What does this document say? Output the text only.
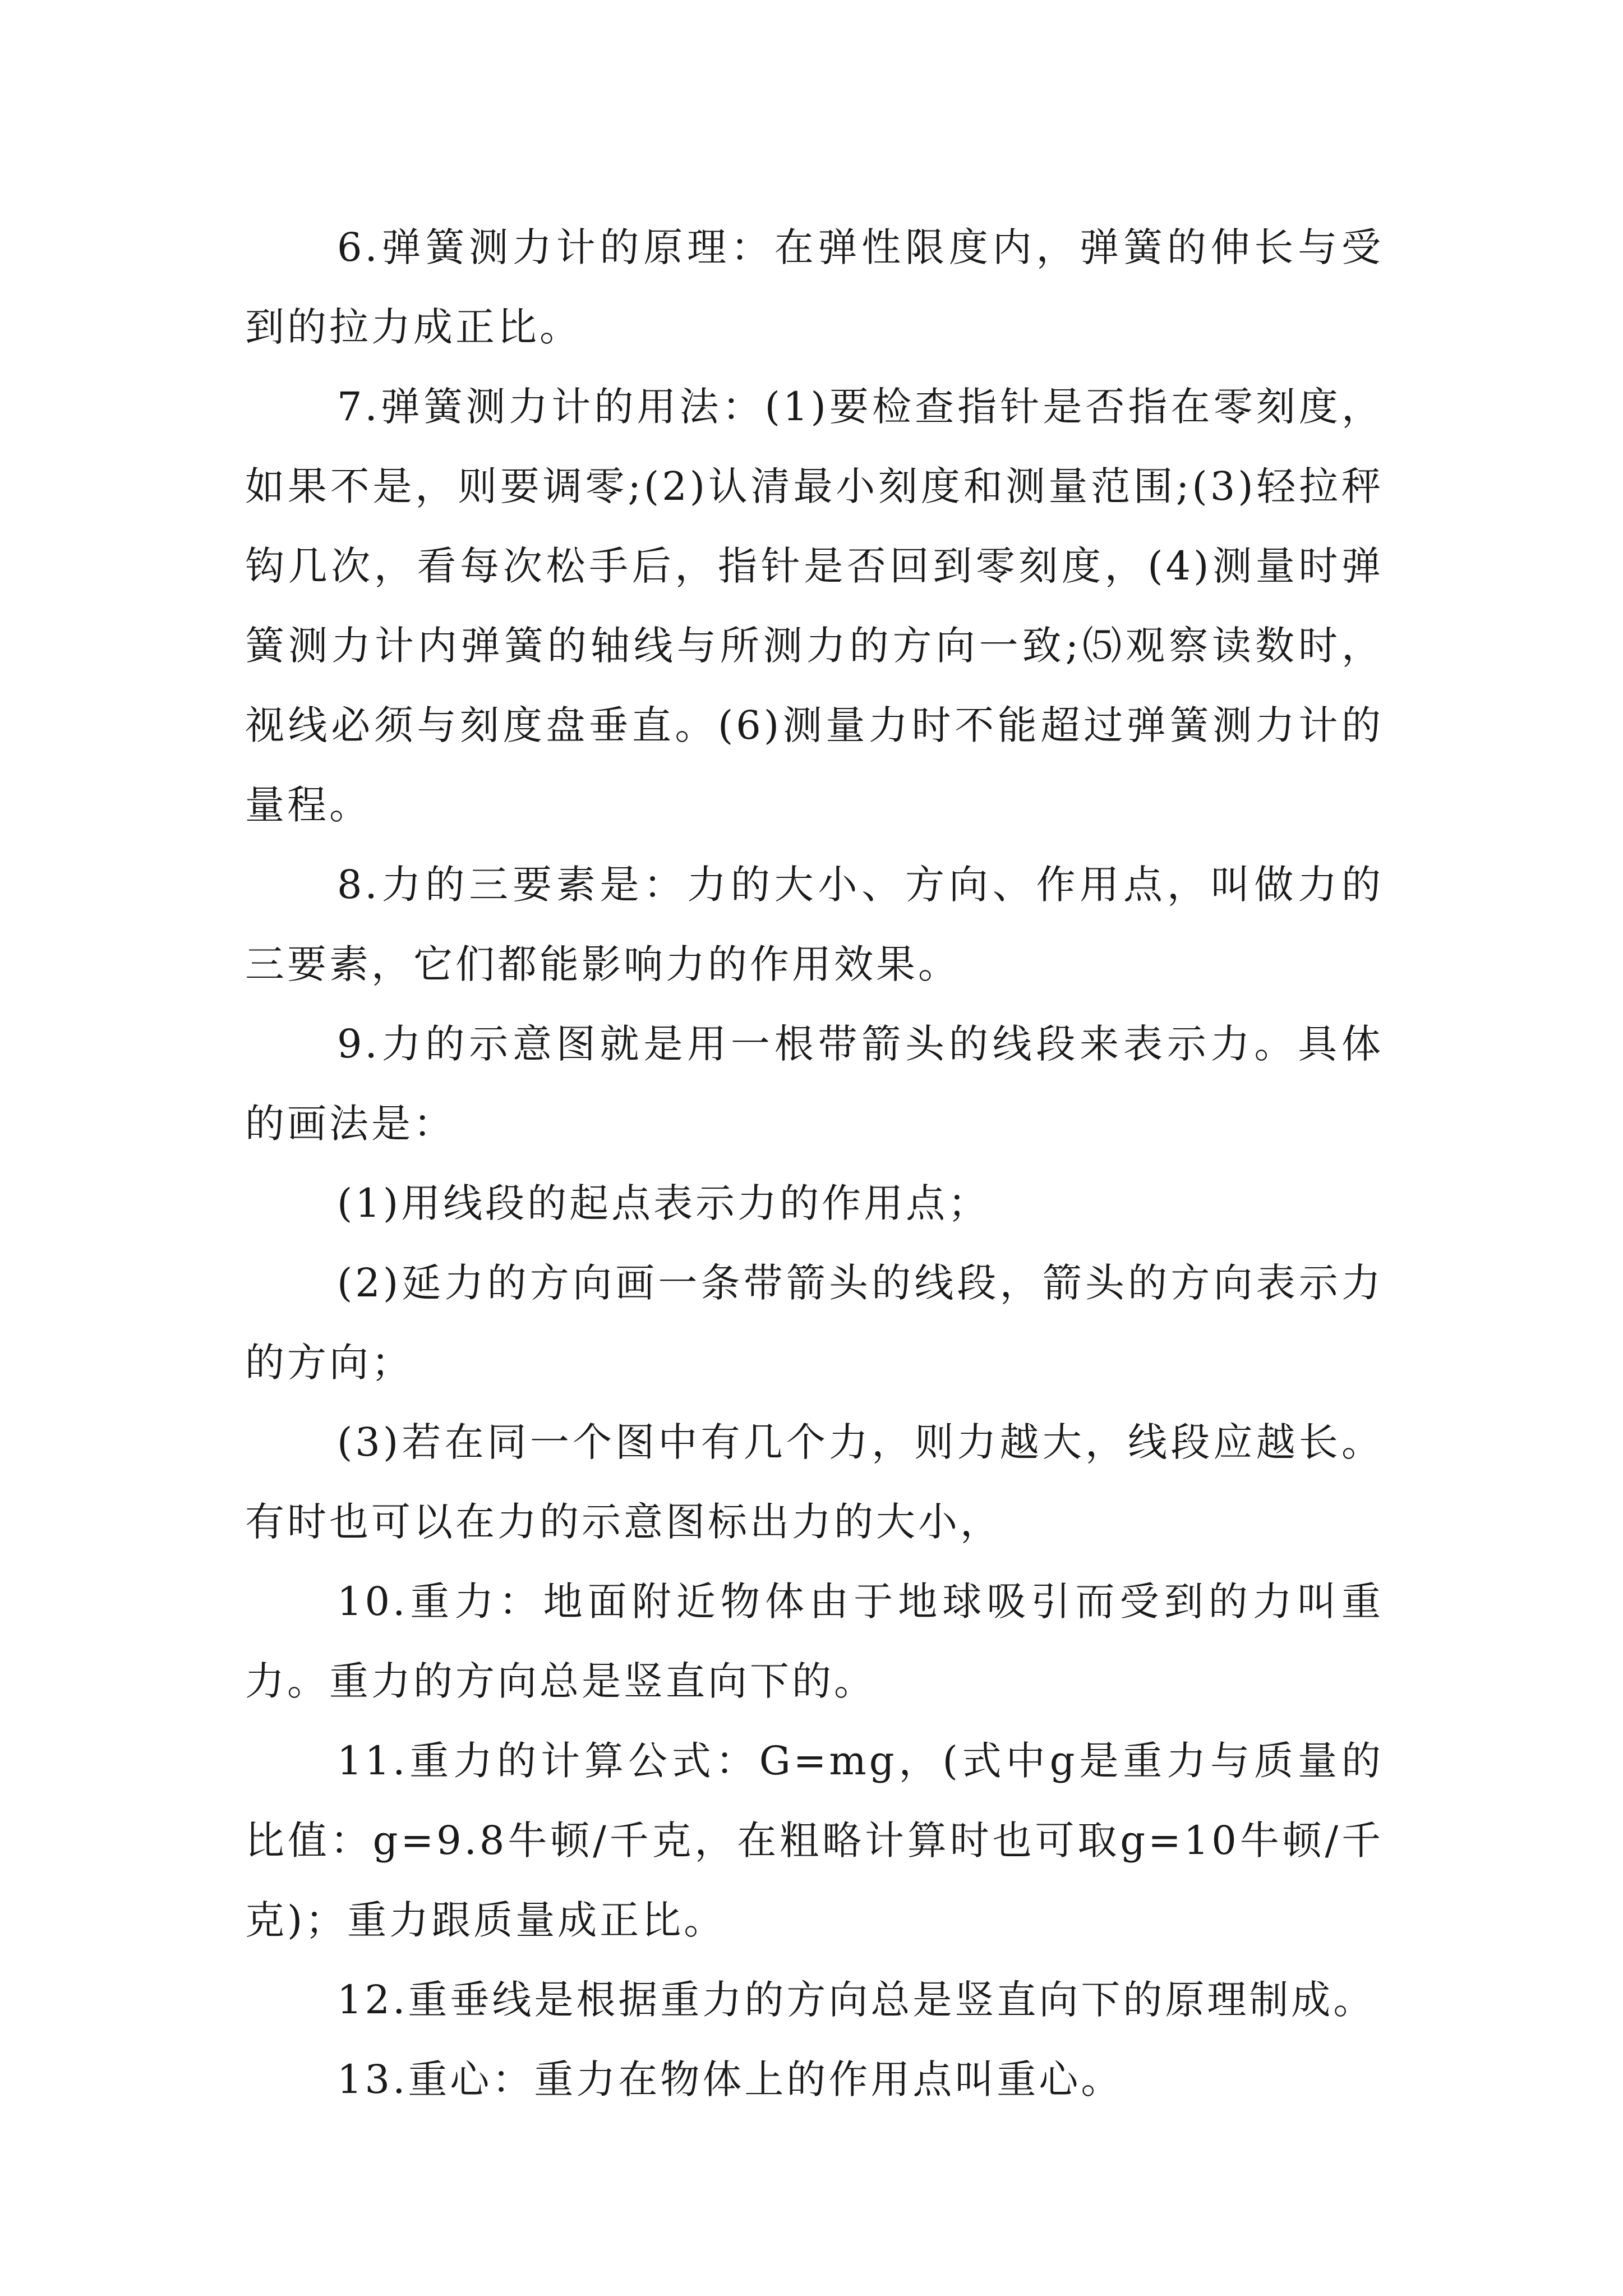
6.弹簧测力计的原理：在弹性限度内，弹簧的伸长与受到的拉力成正比。

7.弹簧测力计的用法：(1)要检查指针是否指在零刻度，如果不是，则要调零;(2)认清最小刻度和测量范围;(3)轻拉秤钩几次，看每次松手后，指针是否回到零刻度，(4)测量时弹簧测力计内弹簧的轴线与所测力的方向一致;⑸观察读数时，视线必须与刻度盘垂直。(6)测量力时不能超过弹簧测力计的量程。

8.力的三要素是：力的大小、方向、作用点，叫做力的三要素，它们都能影响力的作用效果。

9.力的示意图就是用一根带箭头的线段来表示力。具体的画法是：

(1)用线段的起点表示力的作用点；

(2)延力的方向画一条带箭头的线段，箭头的方向表示力的方向；

(3)若在同一个图中有几个力，则力越大，线段应越长。有时也可以在力的示意图标出力的大小，

10.重力：地面附近物体由于地球吸引而受到的力叫重力。重力的方向总是竖直向下的。

11.重力的计算公式：G=mg，(式中g是重力与质量的比值：g=9.8牛顿/千克，在粗略计算时也可取g=10牛顿/千克)；重力跟质量成正比。

12.重垂线是根据重力的方向总是竖直向下的原理制成。

13.重心：重力在物体上的作用点叫重心。
